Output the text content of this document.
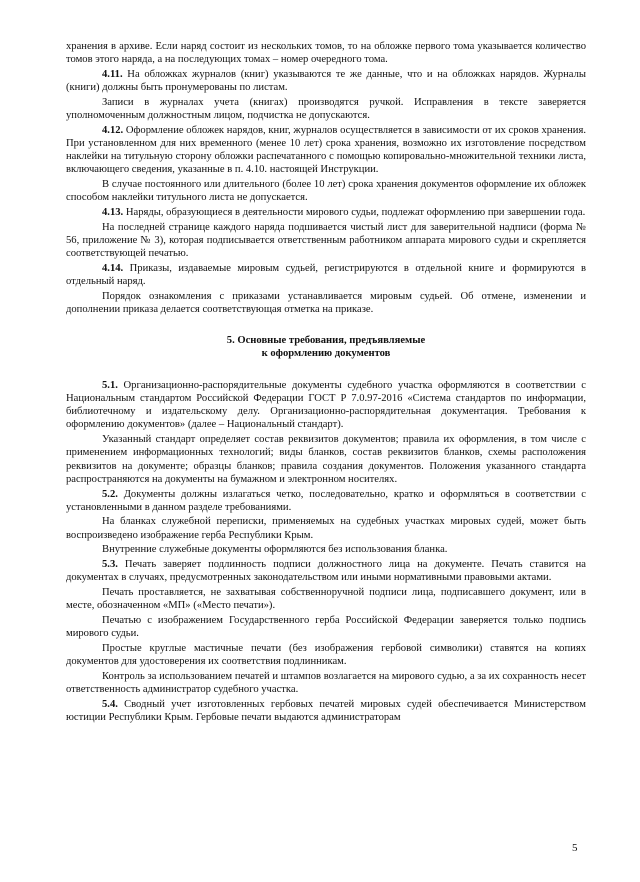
хранения в архиве. Если наряд состоит из нескольких томов, то на обложке первого тома указывается количество томов этого наряда, а на последующих томах – номер очередного тома.

4.11. На обложках журналов (книг) указываются те же данные, что и на обложках нарядов. Журналы (книги) должны быть пронумерованы по листам.

Записи в журналах учета (книгах) производятся ручкой. Исправления в тексте заверяется уполномоченным должностным лицом, подчистка не допускаются.

4.12. Оформление обложек нарядов, книг, журналов осуществляется в зависимости от их сроков хранения. При установленном для них временного (менее 10 лет) срока хранения, возможно их изготовление посредством наклейки на титульную сторону обложки распечатанного с помощью копировально-множительной техники листа, включающего сведения, указанные в п. 4.10. настоящей Инструкции.

В случае постоянного или длительного (более 10 лет) срока хранения документов оформление их обложек способом наклейки титульного листа не допускается.

4.13. Наряды, образующиеся в деятельности мирового судьи, подлежат оформлению при завершении года.

На последней странице каждого наряда подшивается чистый лист для заверительной надписи (форма № 56, приложение № 3), которая подписывается ответственным работником аппарата мирового судьи и скрепляется соответствующей печатью.

4.14. Приказы, издаваемые мировым судьей, регистрируются в отдельной книге и формируются в отдельный наряд.

Порядок ознакомления с приказами устанавливается мировым судьей. Об отмене, изменении и дополнении приказа делается соответствующая отметка на приказе.

5. Основные требования, предъявляемые
к оформлению документов

5.1. Организационно-распорядительные документы судебного участка оформляются в соответствии с Национальным стандартом Российской Федерации ГОСТ Р 7.0.97-2016 «Система стандартов по информации, библиотечному и издательскому делу. Организационно-распорядительная документация. Требования к оформлению документов» (далее – Национальный стандарт).

Указанный стандарт определяет состав реквизитов документов; правила их оформления, в том числе с применением информационных технологий; виды бланков, состав реквизитов бланков, схемы расположения реквизитов на документе; образцы бланков; правила создания документов. Положения указанного стандарта распространяются на документы на бумажном и электронном носителях.

5.2. Документы должны излагаться четко, последовательно, кратко и оформляться в соответствии с установленными в данном разделе требованиями.

На бланках служебной переписки, применяемых на судебных участках мировых судей, может быть воспроизведено изображение герба Республики Крым.

Внутренние служебные документы оформляются без использования бланка.

5.3. Печать заверяет подлинность подписи должностного лица на документе. Печать ставится на документах в случаях, предусмотренных законодательством или иными нормативными правовыми актами.

Печать проставляется, не захватывая собственноручной подписи лица, подписавшего документ, или в месте, обозначенном «МП» («Место печати»).

Печатью с изображением Государственного герба Российской Федерации заверяется только подпись мирового судьи.

Простые круглые мастичные печати (без изображения гербовой символики) ставятся на копиях документов для удостоверения их соответствия подлинникам.

Контроль за использованием печатей и штампов возлагается на мирового судью, а за их сохранность несет ответственность администратор судебного участка.

5.4. Сводный учет изготовленных гербовых печатей мировых судей обеспечивается Министерством юстиции Республики Крым. Гербовые печати выдаются администраторам

5
